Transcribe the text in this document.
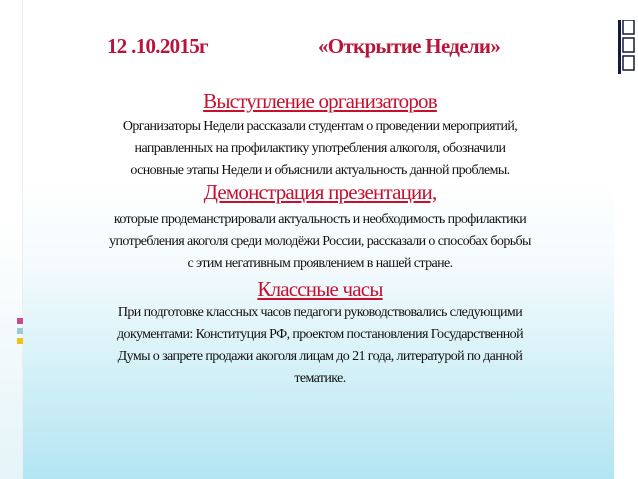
12 .10.2015г	«Открытие Недели»
Выступление организаторов
Организаторы Недели рассказали студентам о проведении мероприятий,
направленных на профилактику употребления алкоголя, обозначили
основные этапы Недели и объяснили актуальность данной проблемы.
Демонстрация презентации,
которые продеманстрировали актуальность и необходимость профилактики
употребления акоголя среди молодёжи России, рассказали о способах борьбы
с этим негативным проявлением в нашей стране.
Классные часы
При подготовке классных часов педагоги руководствовались следующими
документами: Конституция РФ, проектом постановления Государственной
Думы о запрете продажи акоголя лицам до 21 года, литературой по данной
тематике.
